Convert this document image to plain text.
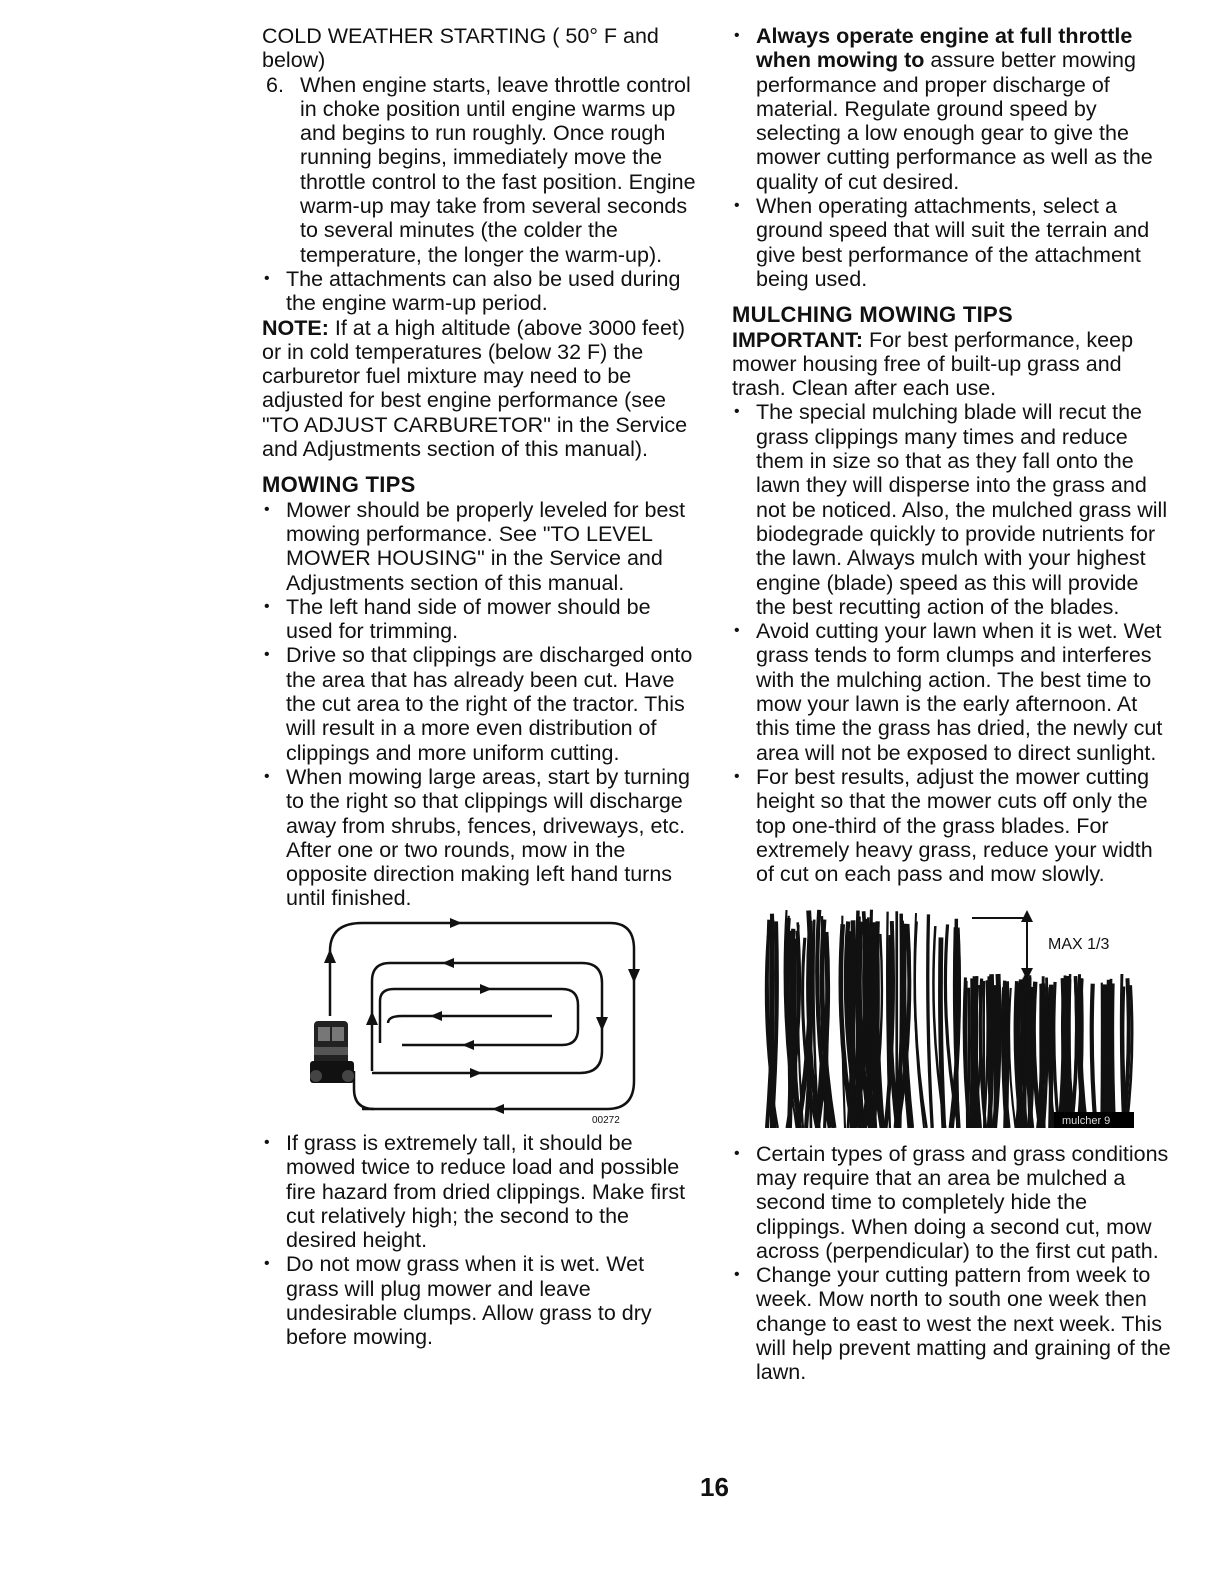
COLD WEATHER STARTING ( 50° F and below)

6. When engine starts, leave throttle control in choke position until engine warms up and begins to run roughly. Once rough running begins, immediately move the throttle control to the fast position. Engine warm-up may take from several seconds to several minutes (the colder the temperature, the longer the warm-up).
• The attachments can also be used during the engine warm-up period.

NOTE: If at a high altitude (above 3000 feet) or in cold temperatures (below 32 F) the carburetor fuel mixture may need to be adjusted for best engine performance (see "TO ADJUST CARBURETOR" in the Service and Adjustments section of this manual).

MOWING TIPS
• Mower should be properly leveled for best mowing performance. See "TO LEVEL MOWER HOUSING" in the Service and Adjustments section of this manual.
• The left hand side of mower should be used for trimming.
• Drive so that clippings are discharged onto the area that has already been cut. Have the cut area to the right of the tractor. This will result in a more even distribution of clippings and more uniform cutting.
• When mowing large areas, start by turning to the right so that clippings will discharge away from shrubs, fences, driveways, etc. After one or two rounds, mow in the opposite direction making left hand turns until finished.
00272
• If grass is extremely tall, it should be mowed twice to reduce load and possible fire hazard from dried clippings. Make first cut relatively high; the second to the desired height.
• Do not mow grass when it is wet. Wet grass will plug mower and leave undesirable clumps. Allow grass to dry before mowing.
• Always operate engine at full throttle when mowing to assure better mowing performance and proper discharge of material. Regulate ground speed by selecting a low enough gear to give the mower cutting performance as well as the quality of cut desired.
• When operating attachments, select a ground speed that will suit the terrain and give best performance of the attachment being used.
MULCHING MOWING TIPS

IMPORTANT: For best performance, keep mower housing free of built-up grass and trash. Clean after each use.

• The special mulching blade will recut the grass clippings many times and reduce them in size so that as they fall onto the lawn they will disperse into the grass and not be noticed. Also, the mulched grass will biodegrade quickly to provide nutrients for the lawn. Always mulch with your highest engine (blade) speed as this will provide the best recutting action of the blades.
• Avoid cutting your lawn when it is wet. Wet grass tends to form clumps and interferes with the mulching action. The best time to mow your lawn is the early afternoon. At this time the grass has dried, the newly cut area will not be exposed to direct sunlight.
• For best results, adjust the mower cutting height so that the mower cuts off only the top one-third of the grass blades. For extremely heavy grass, reduce your width of cut on each pass and mow slowly.
MAX 1/3
mulcher 9
• Certain types of grass and grass conditions may require that an area be mulched a second time to completely hide the clippings. When doing a second cut, mow across (perpendicular) to the first cut path.
• Change your cutting pattern from week to week. Mow north to south one week then change to east to west the next week. This will help prevent matting and graining of the lawn.
16
